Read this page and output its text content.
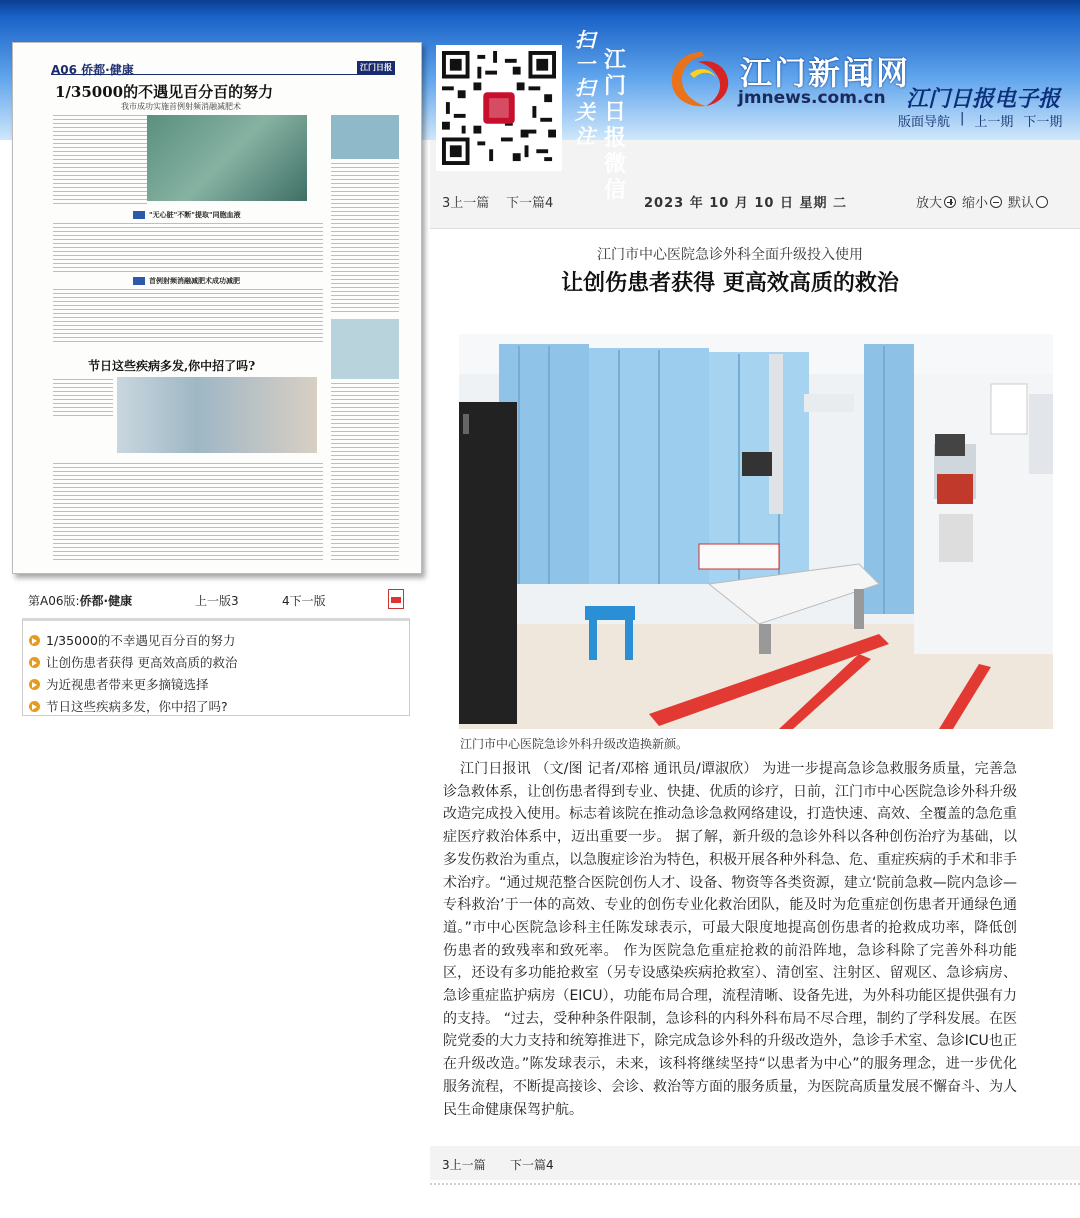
扫一扫关注
江门日报微信
江门新闻网
jmnews.com.cn 江门日报电子报
版面导航 | 上一期 下一期
3上一篇 下一篇4	2023 年 10 月 10 日 星期 二	放大 缩小 默认
A06 侨都·健康	江门日报
1/35000的不遇见百分百的努力
我市成功实施首例射频消融减肥术
"无心脏"不断"提取"同胞血液
首例射频消融减肥术成功减肥
节日这些疾病多发,你中招了吗?
第A06版:侨都·健康	上一版3	4下一版
1/35000的不幸遇见百分百的努力
让创伤患者获得 更高效高质的救治
为近视患者带来更多摘镜选择
节日这些疾病多发，你中招了吗?
江门市中心医院急诊外科全面升级投入使用
让创伤患者获得 更高效高质的救治
江门市中心医院急诊外科升级改造换新颜。
江门日报讯 （文/图 记者/邓榕 通讯员/谭淑欣） 为进一步提高急诊急救服务质量，完善急诊急救体系，让创伤患者得到专业、快捷、优质的诊疗，日前，江门市中心医院急诊外科升级改造完成投入使用。标志着该院在推动急诊急救网络建设，打造快速、高效、全覆盖的急危重症医疗救治体系中，迈出重要一步。 据了解，新升级的急诊外科以各种创伤治疗为基础，以多发伤救治为重点，以急腹症诊治为特色，积极开展各种外科急、危、重症疾病的手术和非手术治疗。“通过规范整合医院创伤人才、设备、物资等各类资源，建立‘院前急救—院内急诊—专科救治’于一体的高效、专业的创伤专业化救治团队，能及时为危重症创伤患者开通绿色通道。”市中心医院急诊科主任陈发球表示，可最大限度地提高创伤患者的抢救成功率，降低创伤患者的致残率和致死率。 作为医院急危重症抢救的前沿阵地，急诊科除了完善外科功能区，还设有多功能抢救室（另专设感染疾病抢救室）、清创室、注射区、留观区、急诊病房、急诊重症监护病房（EICU），功能布局合理，流程清晰、设备先进，为外科功能区提供强有力的支持。 “过去，受种种条件限制，急诊科的内科外科布局不尽合理，制约了学科发展。在医院党委的大力支持和统筹推进下，除完成急诊外科的升级改造外，急诊手术室、急诊ICU也正在升级改造。”陈发球表示，未来，该科将继续坚持“以患者为中心”的服务理念，进一步优化服务流程，不断提高接诊、会诊、救治等方面的服务质量，为医院高质量发展不懈奋斗、为人民生命健康保驾护航。
3上一篇 下一篇4
